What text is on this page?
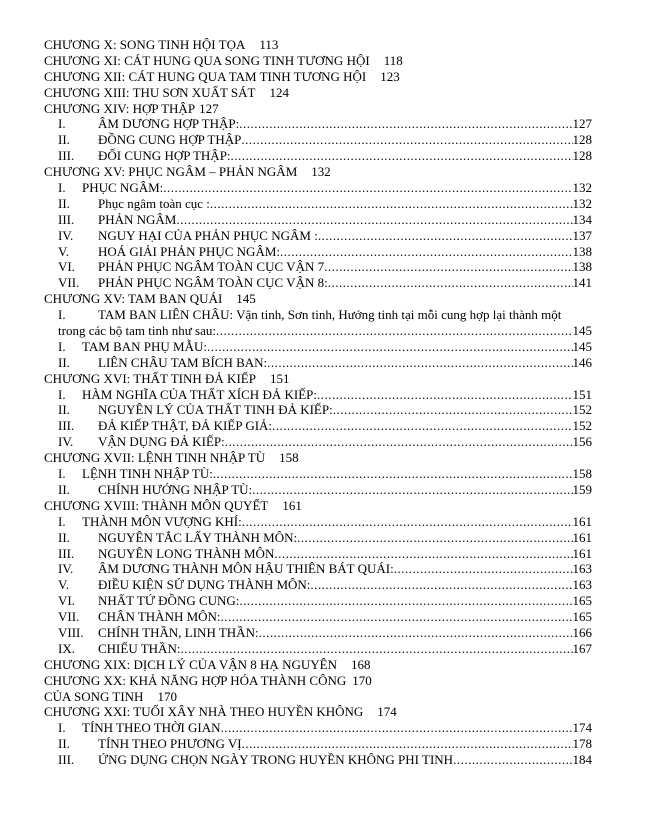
CHƯƠNG X: SONG TINH HỘI TỌA 113
CHƯƠNG XI: CÁT HUNG QUA SONG TINH TƯƠNG HỘI 118
CHƯƠNG XII: CÁT HUNG QUA TAM TINH TƯƠNG HỘI 123
CHƯƠNG XIII: THU SƠN XUẤT SÁT 124
CHƯƠNG XIV: HỢP THẬP 127
I.	ÂM DƯƠNG HỢP THẬP: .....	127
II.	ĐỒNG CUNG HỢP THẬP .....	128
III.	ĐỐI CUNG HỢP THẬP: .....	128
CHƯƠNG XV: PHỤC NGÂM – PHẢN NGÂM 132
I.	PHỤC NGÂM: .....	132
II.	Phục ngâm toàn cục : .....	132
III.	PHẢN NGÂM .....	134
IV.	NGUY HẠI CỦA PHẢN PHỤC NGÂM : .....	137
V.	HOÁ GIẢI PHẢN PHỤC NGÂM: .....	138
VI.	PHẢN PHỤC NGÂM TOÀN CỤC VẬN 7 .....	138
VII.	PHẢN PHỤC NGÂM TOÀN CỤC VẬN 8: .....	141
CHƯƠNG XV: TAM BAN QUÁI 145
I.	TAM BAN LIÊN CHÂU: Vận tinh, Sơn tinh, Hướng tinh tại mỗi cung hợp lại thành một
trong các bộ tam tinh như sau: .....	145
I.	TAM BAN PHỤ MẪU: .....	145
II.	LIÊN CHÂU TAM BÍCH BAN: .....	146
CHƯƠNG XVI: THẤT TINH ĐẢ KIẾP 151
I.	HÀM NGHĨA CỦA THẤT XÍCH ĐẢ KIẾP: .....	151
II.	NGUYÊN LÝ CỦA THẤT TINH ĐẢ KIẾP: .....	152
III.	ĐẢ KIẾP THẬT, ĐẢ KIẾP GIẢ: .....	152
IV.	VẬN DỤNG ĐẢ KIẾP: .....	156
CHƯƠNG XVII: LỆNH TINH NHẬP TÙ 158
I.	LỆNH TINH NHẬP TÙ: .....	158
II.	CHÍNH HƯỚNG NHẬP TÙ: .....	159
CHƯƠNG XVIII: THÀNH MÔN QUYẾT 161
I.	THÀNH MÔN VƯỢNG KHÍ: .....	161
II.	NGUYÊN TẮC LẤY THÀNH MÔN: .....	161
III.	NGUYÊN LONG THÀNH MÔN .....	161
IV.	ÂM DƯƠNG THÀNH MÔN HẬU THIÊN BÁT QUÁI: .....	163
V.	ĐIỀU KIỆN SỬ DỤNG THÀNH MÔN: .....	163
VI.	NHẤT TỨ ĐỒNG CUNG: .....	165
VII.	CHÂN THÀNH MÔN: .....	165
VIII.	CHÍNH THẦN, LINH THẦN: .....	166
IX.	CHIẾU THẦN: .....	167
CHƯƠNG XIX: DỊCH LÝ CỦA VẬN 8 HẠ NGUYÊN 168
CHƯƠNG XX: KHẢ NĂNG HỢP HÓA THÀNH CÔNG 170
CỦA SONG TINH 170
CHƯƠNG XXI: TUỔI XÂY NHÀ THEO HUYỀN KHÔNG 174
I.	TÍNH THEO THỜI GIAN .....	174
II.	TÍNH THEO PHƯƠNG VỊ .....	178
III.	ỨNG DỤNG CHỌN NGÀY TRONG HUYỀN KHÔNG PHI TINH .....	184
